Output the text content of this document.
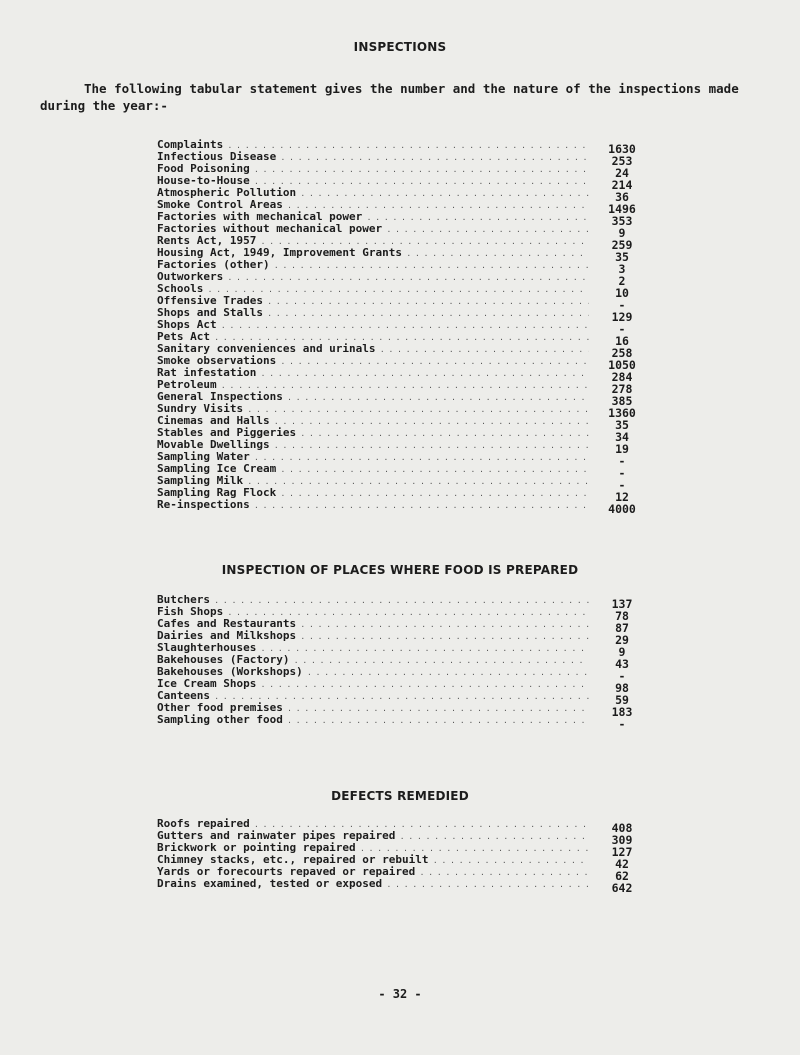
INSPECTIONS
The following tabular statement gives the number and the nature of the inspections made during the year:-
Complaints . . .	1630
Infectious Disease . . .	253
Food Poisoning . . .	24
House-to-House . . .	214
Atmospheric Pollution . . .	36
Smoke Control Areas . . .	1496
Factories with mechanical power . . .	353
Factories without mechanical power . . .	9
Rents Act, 1957 . . .	259
Housing Act, 1949, Improvement Grants . . .	35
Factories (other) . . .	3
Outworkers . . .	2
Schools . . .	10
Offensive Trades . . .	-
Shops and Stalls . . .	129
Shops Act . . .	-
Pets Act . . .	16
Sanitary conveniences and urinals . . .	258
Smoke observations . . .	1050
Rat infestation . . .	284
Petroleum . . .	278
General Inspections . . .	385
Sundry Visits . . .	1360
Cinemas and Halls . . .	35
Stables and Piggeries . . .	34
Movable Dwellings . . .	19
Sampling Water . . .	-
Sampling Ice Cream . . .	-
Sampling Milk . . .	-
Sampling Rag Flock . . .	12
Re-inspections . . .	4000
INSPECTION OF PLACES WHERE FOOD IS PREPARED
Butchers . . .	137
Fish Shops . . .	78
Cafes and Restaurants . . .	87
Dairies and Milkshops . . .	29
Slaughterhouses . . .	9
Bakehouses (Factory) . . .	43
Bakehouses (Workshops) . . .	-
Ice Cream Shops . . .	98
Canteens . . .	59
Other food premises . . .	183
Sampling other food . . .	-
DEFECTS REMEDIED
Roofs repaired . . .	408
Gutters and rainwater pipes repaired . . .	309
Brickwork or pointing repaired . . .	127
Chimney stacks, etc., repaired or rebuilt . . .	42
Yards or forecourts repaved or repaired . . .	62
Drains examined, tested or exposed . . .	642
- 32 -
